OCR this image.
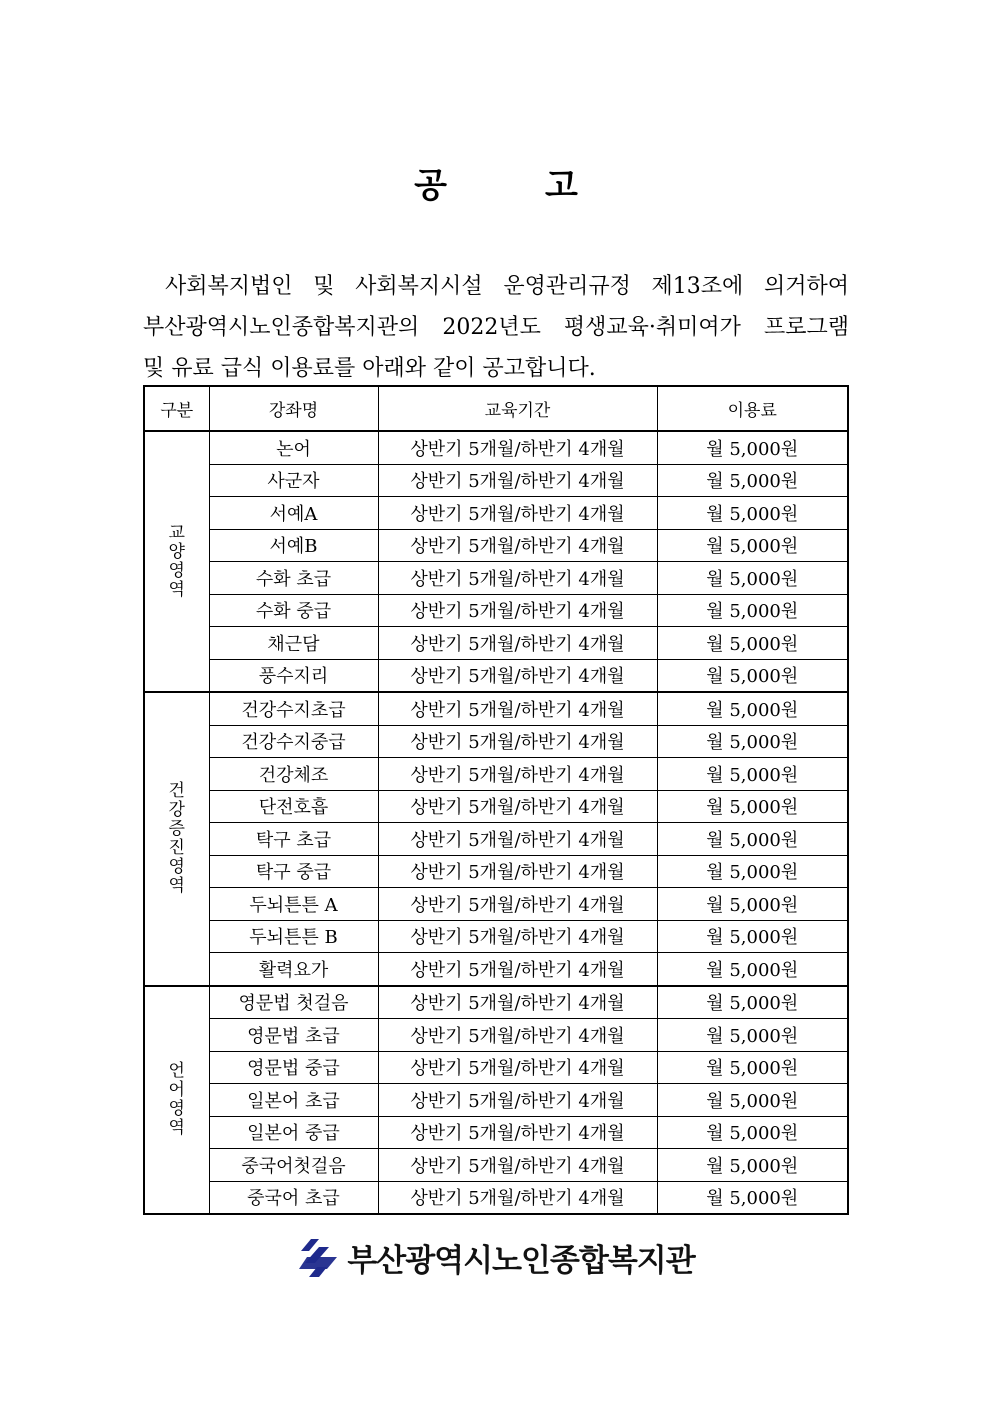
공	고

사회복지법인 및 사회복지시설 운영관리규정 제13조에 의거하여

부산광역시노인종합복지관의 2022년도 평생교육·취미여가 프로그램

및 유료 급식 이용료를 아래와 같이 공고합니다.

구분	강좌명	교육기간	이용료

교양영역	논어	상반기 5개월/하반기 4개월	월 5,000원
	사군자	상반기 5개월/하반기 4개월	월 5,000원
	서예A	상반기 5개월/하반기 4개월	월 5,000원
	서예B	상반기 5개월/하반기 4개월	월 5,000원
	수화 초급	상반기 5개월/하반기 4개월	월 5,000원
	수화 중급	상반기 5개월/하반기 4개월	월 5,000원
	채근담	상반기 5개월/하반기 4개월	월 5,000원
	풍수지리	상반기 5개월/하반기 4개월	월 5,000원

건강증진영역	건강수지초급	상반기 5개월/하반기 4개월	월 5,000원
	건강수지중급	상반기 5개월/하반기 4개월	월 5,000원
	건강체조	상반기 5개월/하반기 4개월	월 5,000원
	단전호흡	상반기 5개월/하반기 4개월	월 5,000원
	탁구 초급	상반기 5개월/하반기 4개월	월 5,000원
	탁구 중급	상반기 5개월/하반기 4개월	월 5,000원
	두뇌튼튼 A	상반기 5개월/하반기 4개월	월 5,000원
	두뇌튼튼 B	상반기 5개월/하반기 4개월	월 5,000원
	활력요가	상반기 5개월/하반기 4개월	월 5,000원

언어영역	영문법 첫걸음	상반기 5개월/하반기 4개월	월 5,000원
	영문법 초급	상반기 5개월/하반기 4개월	월 5,000원
	영문법 중급	상반기 5개월/하반기 4개월	월 5,000원
	일본어 초급	상반기 5개월/하반기 4개월	월 5,000원
	일본어 중급	상반기 5개월/하반기 4개월	월 5,000원
	중국어첫걸음	상반기 5개월/하반기 4개월	월 5,000원
	중국어 초급	상반기 5개월/하반기 4개월	월 5,000원
부산광역시노인종합복지관
